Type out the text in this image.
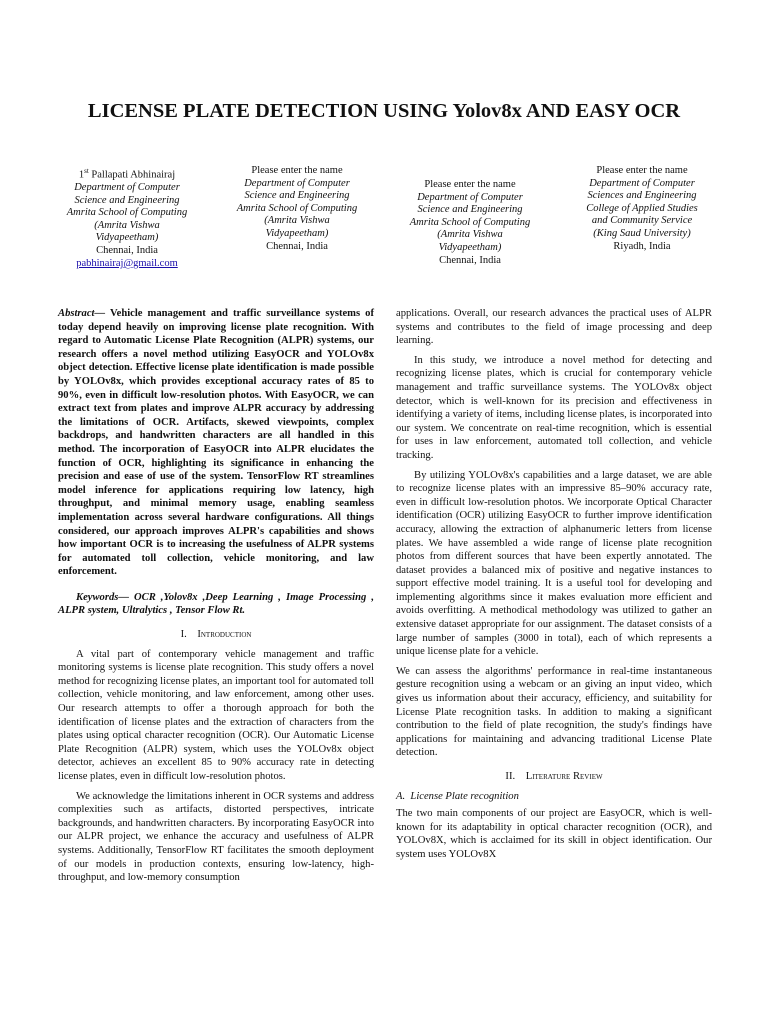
LICENSE PLATE DETECTION USING Yolov8x AND EASY OCR
1st Pallapati Abhinairaj
Department of Computer
Science and Engineering
Amrita School of Computing
(Amrita Vishwa
Vidyapeetham)
Chennai, India
pabhinairaj@gmail.com
Please enter the name
Department of Computer
Science and Engineering
Amrita School of Computing
(Amrita Vishwa
Vidyapeetham)
Chennai, India
Please enter the name
Department of Computer
Science and Engineering
Amrita School of Computing
(Amrita Vishwa
Vidyapeetham)
Chennai, India
Please enter the name
Department of Computer
Sciences and Engineering
College of Applied Studies
and Community Service
(King Saud University)
Riyadh, India

Abstract— Vehicle management and traffic surveillance systems of today depend heavily on improving license plate recognition. With regard to Automatic License Plate Recognition (ALPR) systems, our research offers a novel method utilizing EasyOCR and YOLOv8x object detection. Effective license plate identification is made possible by YOLOv8x, which provides exceptional accuracy rates of 85 to 90%, even in difficult low-resolution photos. With EasyOCR, we can extract text from plates and improve ALPR accuracy by addressing the limitations of OCR. Artifacts, skewed viewpoints, complex backdrops, and handwritten characters are all handled in this method. The incorporation of EasyOCR into ALPR elucidates the function of OCR, highlighting its significance in enhancing the precision and ease of use of the system. TensorFlow RT streamlines model inference for applications requiring low latency, high throughput, and minimal memory usage, enabling seamless implementation across several hardware configurations. All things considered, our approach improves ALPR's capabilities and shows how important OCR is to increasing the usefulness of ALPR systems for automated toll collection, vehicle monitoring, and law enforcement.

Keywords— OCR ,Yolov8x ,Deep Learning , Image Processing , ALPR system, Ultralytics , Tensor Flow Rt.

I. Introduction

A vital part of contemporary vehicle management and traffic monitoring systems is license plate recognition. This study offers a novel method for recognizing license plates, an important tool for automated toll collection, vehicle monitoring, and law enforcement, among other uses. Our research attempts to offer a thorough approach for both the identification of license plates and the extraction of characters from the plates using optical character recognition (OCR). Our Automatic License Plate Recognition (ALPR) system, which uses the YOLOv8x object detector, achieves an excellent 85 to 90% accuracy rate in detecting license plates, even in difficult low-resolution photos.

We acknowledge the limitations inherent in OCR systems and address complexities such as artifacts, distorted perspectives, intricate backgrounds, and handwritten characters. By incorporating EasyOCR into our ALPR project, we enhance the accuracy and usefulness of ALPR systems. Additionally, TensorFlow RT facilitates the smooth deployment of our models in production contexts, ensuring low-latency, high-throughput, and low-memory consumption

applications. Overall, our research advances the practical uses of ALPR systems and contributes to the field of image processing and deep learning.

In this study, we introduce a novel method for detecting and recognizing license plates, which is crucial for contemporary vehicle management and traffic surveillance systems. The YOLOv8x object detector, which is well-known for its precision and effectiveness in identifying a variety of items, including license plates, is incorporated into our system. We concentrate on real-time recognition, which is essential for uses in law enforcement, automated toll collection, and vehicle tracking.

By utilizing YOLOv8x's capabilities and a large dataset, we are able to recognize license plates with an impressive 85–90% accuracy rate, even in difficult low-resolution photos. We incorporate Optical Character identification (OCR) utilizing EasyOCR to further improve identification accuracy, allowing the extraction of alphanumeric letters from license plates. We have assembled a wide range of license plate recognition photos from different sources that have been expertly annotated. The dataset provides a balanced mix of positive and negative instances to support effective model training. It is a useful tool for developing and implementing algorithms since it makes evaluation more efficient and avoids overfitting. A methodical methodology was utilized to gather an extensive dataset appropriate for our assignment. The dataset consists of a large number of samples (3000 in total), each of which represents a unique license plate for a vehicle.

We can assess the algorithms' performance in real-time instantaneous gesture recognition using a webcam or an giving an input video, which gives us information about their accuracy, efficiency, and suitability for License Plate recognition tasks. In addition to making a significant contribution to the field of plate recognition, the study's findings have applications for maintaining and advancing traditional License Plate detection.

II. Literature Review

A. License Plate recognition

The two main components of our project are EasyOCR, which is well-known for its adaptability in optical character recognition (OCR), and YOLOv8X, which is acclaimed for its skill in object identification. Our system uses YOLOv8X
